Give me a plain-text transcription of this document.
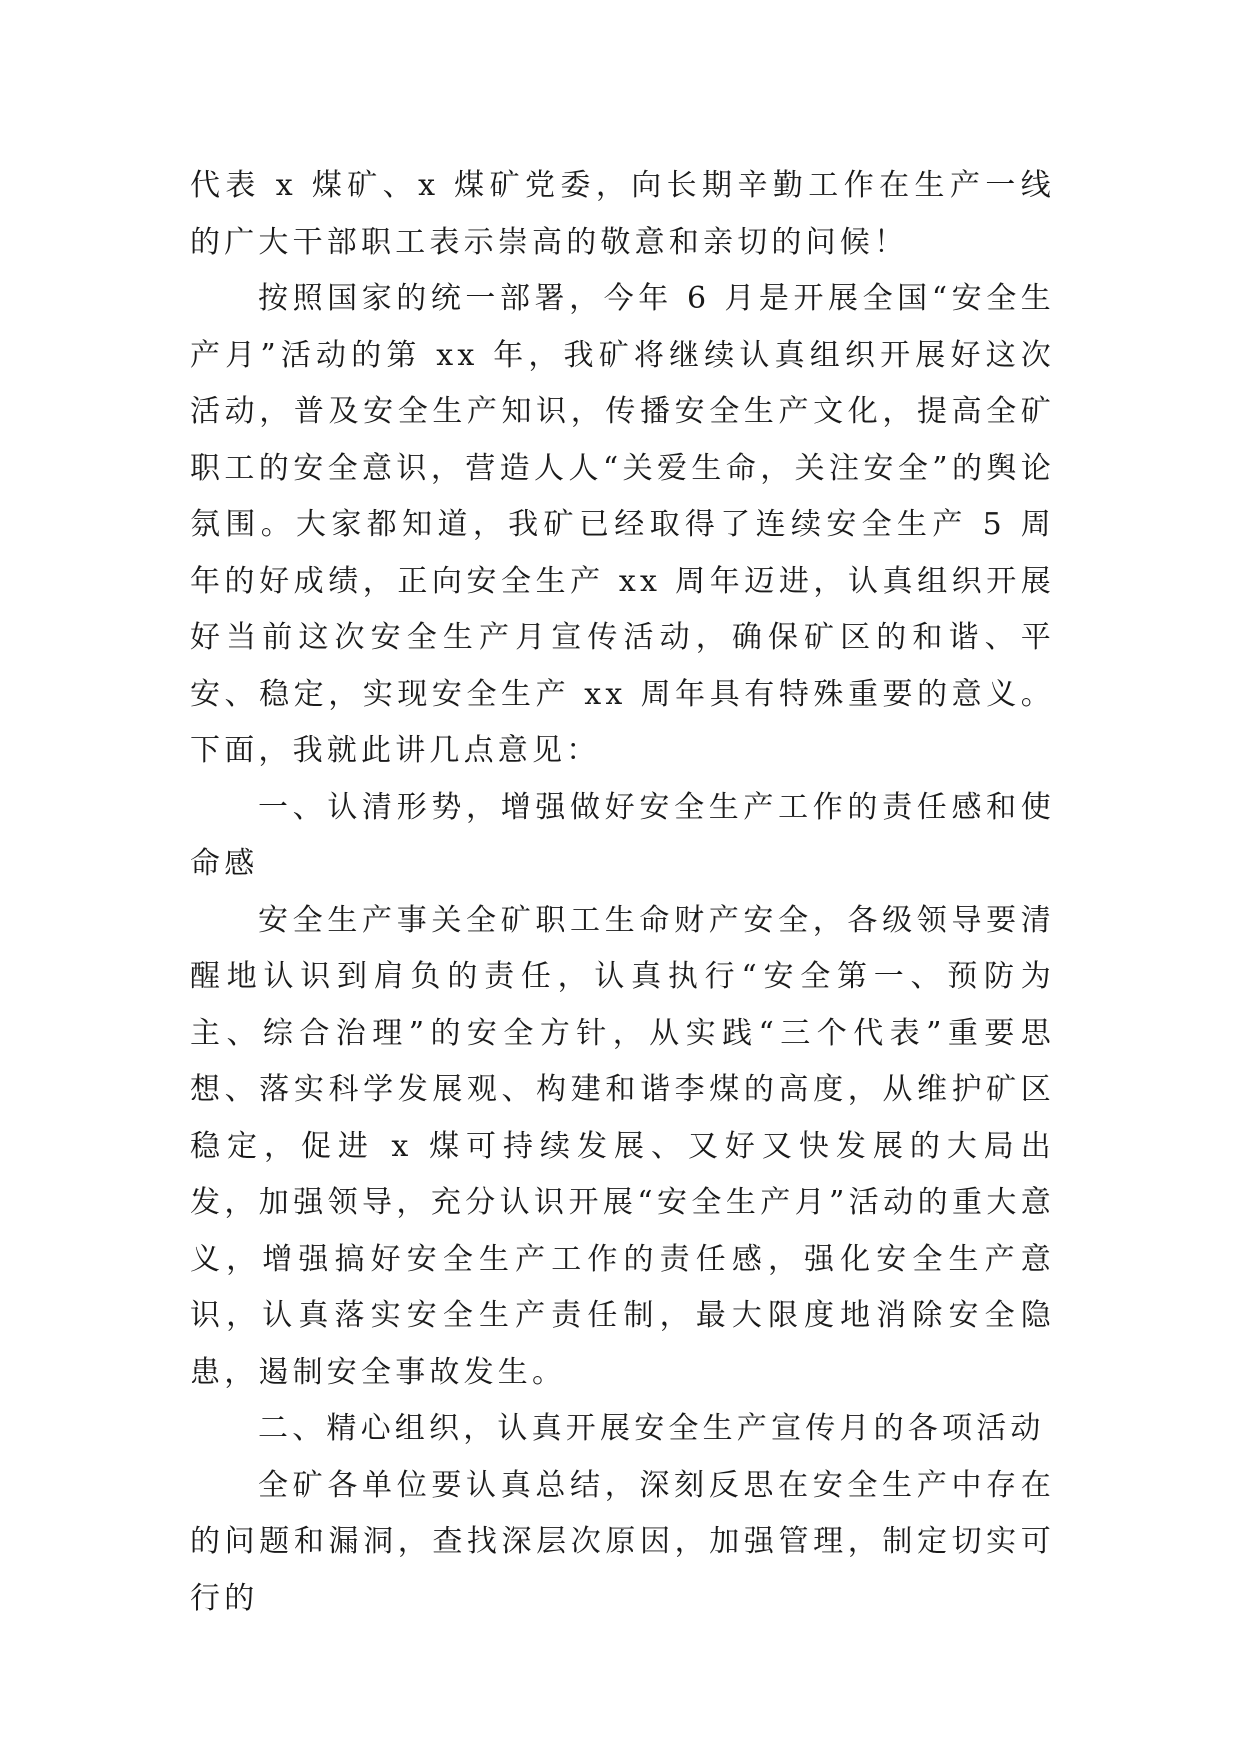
代表 x 煤矿、x 煤矿党委，向长期辛勤工作在生产一线的广大干部职工表示崇高的敬意和亲切的问候！

按照国家的统一部署，今年 6 月是开展全国“安全生产月”活动的第 xx 年，我矿将继续认真组织开展好这次活动，普及安全生产知识，传播安全生产文化，提高全矿职工的安全意识，营造人人“关爱生命，关注安全”的舆论氛围。大家都知道，我矿已经取得了连续安全生产 5 周年的好成绩，正向安全生产 xx 周年迈进，认真组织开展好当前这次安全生产月宣传活动，确保矿区的和谐、平安、稳定，实现安全生产 xx 周年具有特殊重要的意义。下面，我就此讲几点意见：

一、认清形势，增强做好安全生产工作的责任感和使命感

安全生产事关全矿职工生命财产安全，各级领导要清醒地认识到肩负的责任，认真执行“安全第一、预防为主、综合治理”的安全方针，从实践“三个代表”重要思想、落实科学发展观、构建和谐李煤的高度，从维护矿区稳定，促进 x 煤可持续发展、又好又快发展的大局出发，加强领导，充分认识开展“安全生产月”活动的重大意义，增强搞好安全生产工作的责任感，强化安全生产意识，认真落实安全生产责任制，最大限度地消除安全隐患，遏制安全事故发生。

二、精心组织，认真开展安全生产宣传月的各项活动

全矿各单位要认真总结，深刻反思在安全生产中存在的问题和漏洞，查找深层次原因，加强管理，制定切实可行的
